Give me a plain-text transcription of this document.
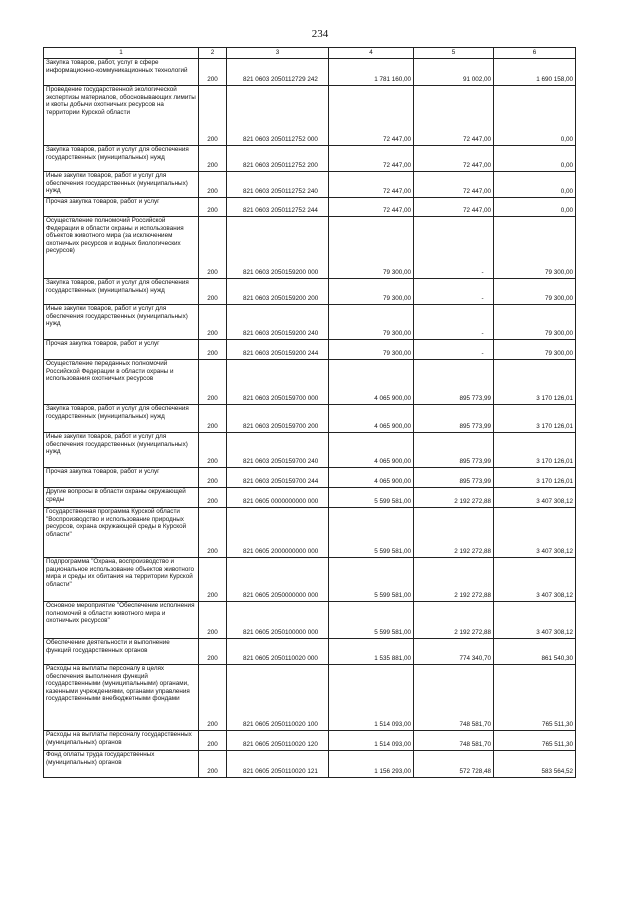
234
1	2	3	4	5	6
Закупка товаров, работ, услуг в сфере информационно-коммуникационных технологий	200	821 0603 2050112729 242	1 781 160,00	91 002,00	1 690 158,00
Проведение государственной экологической экспертизы материалов, обосновывающих лимиты и квоты добычи охотничьих ресурсов на территории Курской области	200	821 0603 2050112752 000	72 447,00	72 447,00	0,00
Закупка товаров, работ и услуг для обеспечения государственных (муниципальных) нужд	200	821 0603 2050112752 200	72 447,00	72 447,00	0,00
Иные закупки товаров, работ и услуг для обеспечения государственных (муниципальных) нужд	200	821 0603 2050112752 240	72 447,00	72 447,00	0,00
Прочая закупка товаров, работ и услуг	200	821 0603 2050112752 244	72 447,00	72 447,00	0,00
Осуществление полномочий Российской Федерации в области охраны и использования объектов животного мира (за исключением охотничьих ресурсов и водных биологических ресурсов)	200	821 0603 2050159200 000	79 300,00	-	79 300,00
Закупка товаров, работ и услуг для обеспечения государственных (муниципальных) нужд	200	821 0603 2050159200 200	79 300,00	-	79 300,00
Иные закупки товаров, работ и услуг для обеспечения государственных (муниципальных) нужд	200	821 0603 2050159200 240	79 300,00	-	79 300,00
Прочая закупка товаров, работ и услуг	200	821 0603 2050159200 244	79 300,00	-	79 300,00
Осуществление переданных полномочий Российской Федерации в области охраны и использования охотничьих ресурсов	200	821 0603 2050159700 000	4 065 900,00	895 773,99	3 170 126,01
Закупка товаров, работ и услуг для обеспечения государственных (муниципальных) нужд	200	821 0603 2050159700 200	4 065 900,00	895 773,99	3 170 126,01
Иные закупки товаров, работ и услуг для обеспечения государственных (муниципальных) нужд	200	821 0603 2050159700 240	4 065 900,00	895 773,99	3 170 126,01
Прочая закупка товаров, работ и услуг	200	821 0603 2050159700 244	4 065 900,00	895 773,99	3 170 126,01
Другие вопросы в области охраны окружающей среды	200	821 0605 0000000000 000	5 599 581,00	2 192 272,88	3 407 308,12
Государственная программа Курской области "Воспроизводство и использование природных ресурсов, охрана окружающей среды в Курской области"	200	821 0605 2000000000 000	5 599 581,00	2 192 272,88	3 407 308,12
Подпрограмма "Охрана, воспроизводство и рациональное использование объектов животного мира и среды их обитания на территории Курской области"	200	821 0605 2050000000 000	5 599 581,00	2 192 272,88	3 407 308,12
Основное мероприятие "Обеспечение исполнения полномочий в области животного мира и охотничьих ресурсов"	200	821 0605 2050100000 000	5 599 581,00	2 192 272,88	3 407 308,12
Обеспечение деятельности и выполнение функций государственных органов	200	821 0605 2050110020 000	1 535 881,00	774 340,70	861 540,30
Расходы на выплаты персоналу в целях обеспечения выполнения функций государственными (муниципальными) органами, казенными учреждениями, органами управления государственными внебюджетными фондами	200	821 0605 2050110020 100	1 514 093,00	748 581,70	765 511,30
Расходы на выплаты персоналу государственных (муниципальных) органов	200	821 0605 2050110020 120	1 514 093,00	748 581,70	765 511,30
Фонд оплаты труда государственных (муниципальных) органов	200	821 0605 2050110020 121	1 156 293,00	572 728,48	583 564,52
